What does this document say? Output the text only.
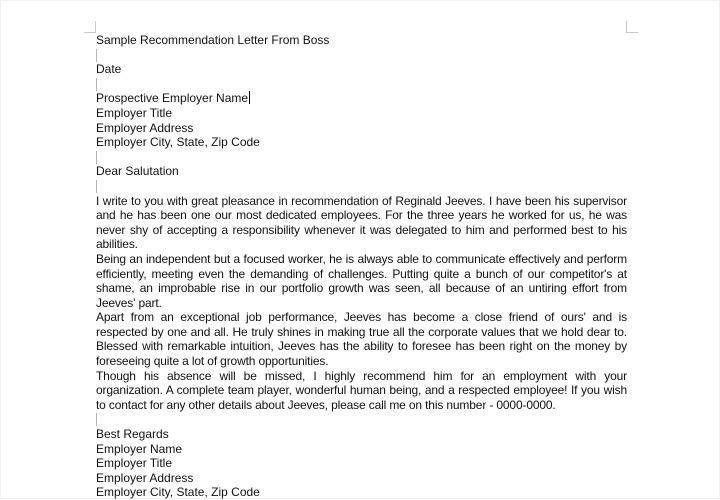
Sample Recommendation Letter From Boss
Date
Prospective Employer Name
Employer Title
Employer Address
Employer City, State, Zip Code
Dear Salutation
I write to you with great pleasance in recommendation of Reginald Jeeves. I have been his supervisor and he has been one our most dedicated employees. For the three years he worked for us, he was never shy of accepting a responsibility whenever it was delegated to him and performed best to his abilities.
Being an independent but a focused worker, he is always able to communicate effectively and perform efficiently, meeting even the demanding of challenges. Putting quite a bunch of our competitor's at shame, an improbable rise in our portfolio growth was seen, all because of an untiring effort from Jeeves' part.
Apart from an exceptional job performance, Jeeves has become a close friend of ours' and is respected by one and all. He truly shines in making true all the corporate values that we hold dear to. Blessed with remarkable intuition, Jeeves has the ability to foresee has been right on the money by foreseeing quite a lot of growth opportunities.
Though his absence will be missed, I highly recommend him for an employment with your organization. A complete team player, wonderful human being, and a respected employee! If you wish to contact for any other details about Jeeves, please call me on this number - 0000-0000.
Best Regards
Employer Name
Employer Title
Employer Address
Employer City, State, Zip Code
